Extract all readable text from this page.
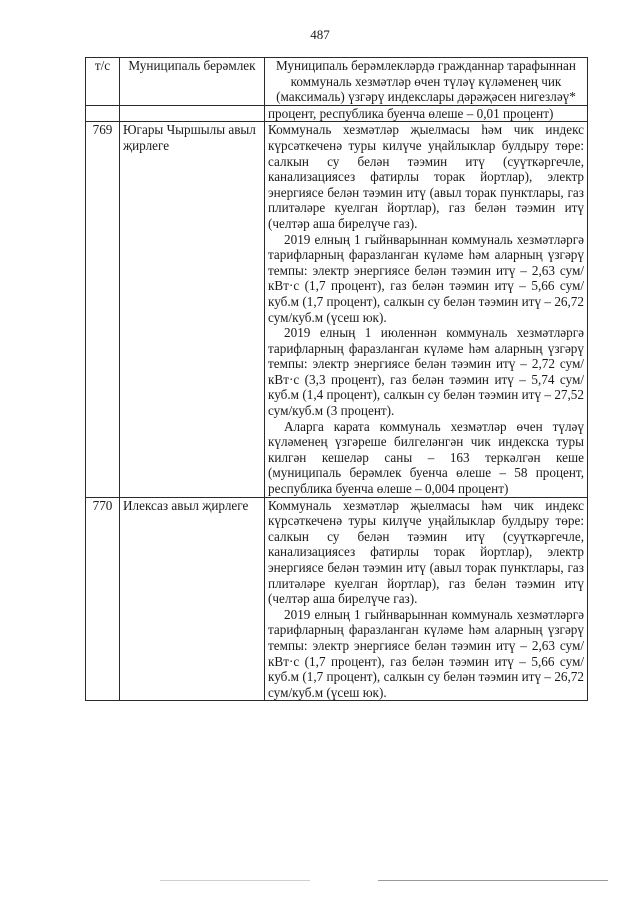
487
т/с	Муниципаль берәмлек	Муниципаль берәмлекләрдә гражданнар тарафыннан коммуналь хезмәтләр өчен түләү күләменең чик (максималь) үзгәрү индекслары дәрәҗәсен нигезләү*
		процент, республика буенча өлеше – 0,01 процент)
769	Югары Чыршылы авыл җирлеге	Коммуналь хезмәтләр җыелмасы һәм чик индекс күрсәткеченә туры килүче уңайлыклар булдыру төре: салкын су белән тәэмин итү (суүткәргечле, канализациясез фатирлы торак йортлар), электр энергиясе белән тәэмин итү (авыл торак пунктлары, газ плитәләре куелган йортлар), газ белән тәэмин итү (челтәр аша бирелүче газ).

2019 елның 1 гыйнварыннан коммуналь хезмәтләргә тарифларның фаразланган күләме һәм аларның үзгәрү темпы: электр энергиясе белән тәэмин итү – 2,63 сум/кВт·с (1,7 процент), газ белән тәэмин итү – 5,66 сум/куб.м (1,7 процент), салкын су белән тәэмин итү – 26,72 сум/куб.м (үсеш юк).

2019 елның 1 июленнән коммуналь хезмәтләргә тарифларның фаразланган күләме һәм аларның үзгәрү темпы: электр энергиясе белән тәэмин итү – 2,72 сум/кВт·с (3,3 процент), газ белән тәэмин итү – 5,74 сум/куб.м (1,4 процент), салкын су белән тәэмин итү – 27,52 сум/куб.м (3 процент).

Аларга карата коммуналь хезмәтләр өчен түләү күләменең үзгәреше билгеләнгән чик индекска туры килгән кешеләр саны – 163 теркәлгән кеше (муниципаль берәмлек буенча өлеше – 58 процент, республика буенча өлеше – 0,004 процент)

770	Илексаз авыл җирлеге	Коммуналь хезмәтләр җыелмасы һәм чик индекс күрсәткеченә туры килүче уңайлыклар булдыру төре: салкын су белән тәэмин итү (суүткәргечле, канализациясез фатирлы торак йортлар), электр энергиясе белән тәэмин итү (авыл торак пунктлары, газ плитәләре куелган йортлар), газ белән тәэмин итү (челтәр аша бирелүче газ).

2019 елның 1 гыйнварыннан коммуналь хезмәтләргә тарифларның фаразланган күләме һәм аларның үзгәрү темпы: электр энергиясе белән тәэмин итү – 2,63 сум/кВт·с (1,7 процент), газ белән тәэмин итү – 5,66 сум/куб.м (1,7 процент), салкын су белән тәэмин итү – 26,72 сум/куб.м (үсеш юк).
